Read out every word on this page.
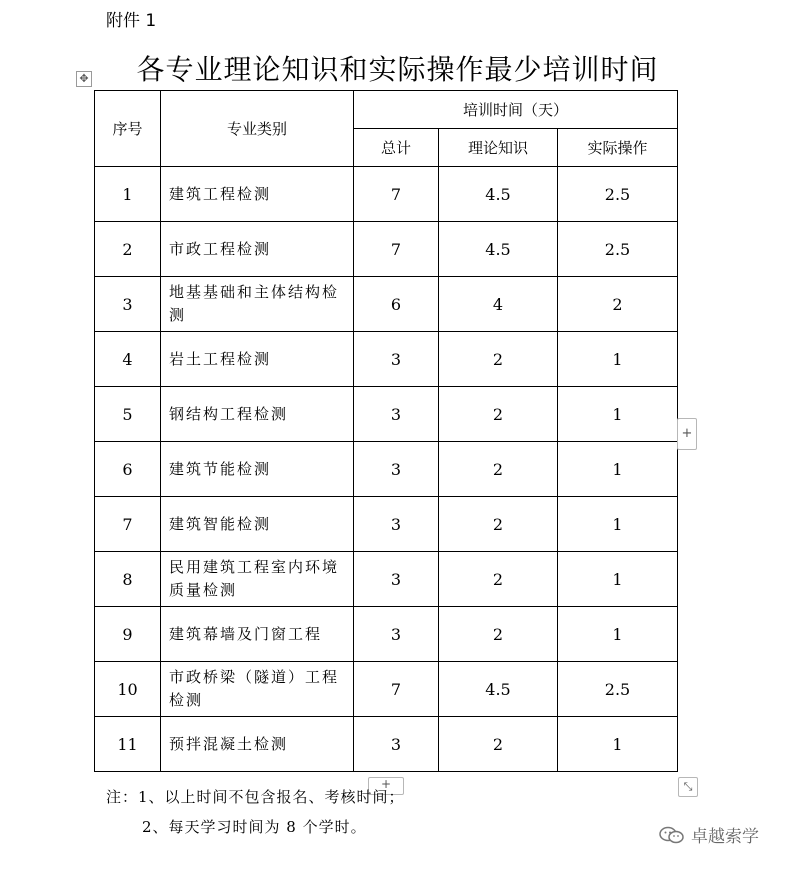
附件 1
各专业理论知识和实际操作最少培训时间
✥
序号	专业类别	培训时间（天）		
		总计	理论知识	实际操作
1	建筑工程检测	7	4.5	2.5
2	市政工程检测	7	4.5	2.5
3	地基基础和主体结构检测	6	4	2
4	岩土工程检测	3	2	1
5	钢结构工程检测	3	2	1
6	建筑节能检测	3	2	1
7	建筑智能检测	3	2	1
8	民用建筑工程室内环境质量检测	3	2	1
9	建筑幕墙及门窗工程	3	2	1
10	市政桥梁（隧道）工程检测	7	4.5	2.5
11	预拌混凝土检测	3	2	1
+
+	⤡
注：1、以上时间不包含报名、考核时间；
2、每天学习时间为 8 个学时。	卓越索学
